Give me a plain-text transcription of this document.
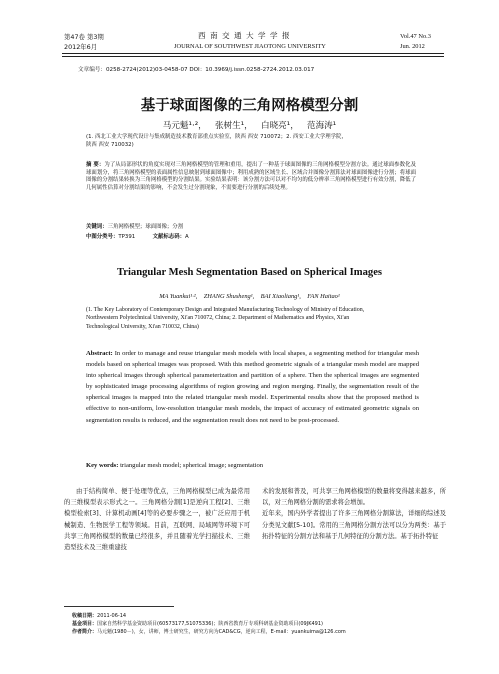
第47卷 第3期
2012年6月
西 南 交 通 大 学 学 报
JOURNAL OF SOUTHWEST JIAOTONG UNIVERSITY
Vol.47 No.3
Jun. 2012
文章编号：0258-2724(2012)03-0458-07 DOI：10.3969/j.issn.0258-2724.2012.03.017
基于球面图像的三角网格模型分割
马元魁¹·²，   张树生¹，   白晓亮¹，   范海涛¹
(1. 西北工业大学现代设计与集成制造技术教育部重点实验室，陕西 西安 710072；2. 西安工业大学理学院，
陕西 西安 710032)
摘 要：为了从局部形状的角度实现对三角网格模型的管理和重用，提出了一种基于球面图像的三角网格模型分割方法。通过球面参数化及球面划分，将三角网格模型的表面属性信息映射到球面图像中；利用成熟的区域生长、区域合并图像分割算法对球面图像进行分割；将球面图像的分割结果转换为三角网格模型的分割结果。实验结果表明：该分割方法可以对不均匀的低分辨率三角网格模型进行有效分割，降低了几何属性估算对分割结果的影响，不会发生过分割现象，不需要进行分割的后续处理。
关键词：三角网格模型；球面图像；分割
中图分类号：TP391	文献标志码：A
Triangular Mesh Segmentation Based on Spherical Images
MA Yuankui¹·²,    ZHANG Shusheng¹,    BAI Xiaoliang¹,    FAN Haitao¹
(1. The Key Laboratory of Contemporary Design and Integrated Manufacturing Technology of Ministry of Education,
Northwestern Polytechnical University, Xi'an 710072, China; 2. Department of Mathematics and Physics, Xi'an
Technological University, Xi'an 710032, China)
Abstract: In order to manage and reuse triangular mesh models with local shapes, a segmenting method for triangular mesh models based on spherical images was proposed. With this method geometric signals of a triangular mesh model are mapped into spherical images through spherical parameterization and partition of a sphere. Then the spherical images are segmented by sophisticated image processing algorithms of region growing and region merging. Finally, the segmentation result of the spherical images is mapped into the related triangular mesh model. Experimental results show that the proposed method is effective to non-uniform, low-resolution triangular mesh models, the impact of accuracy of estimated geometric signals on segmentation results is reduced, and the segmentation result does not need to be post-processed.
Key words: triangular mesh model; spherical image; segmentation
由于结构简单、便于处理等优点，三角网格模型已成为最常用的三维模型表示形式之一。三角网格分割[1]是逆向工程[2]、三维模型检索[3]、计算机动画[4]等的必要步骤之一，被广泛应用于机械制造、生物医学工程等领域。目前，互联网、局域网等环境下可共享三角网格模型的数量已经很多，并且随着光学扫描技术、三维造型技术及三维重建技
术的发展和普及，可共享三角网格模型的数量将变得越来越多，所以，对三角网格分割的需求将会增加。
近年来，国内外学者提出了许多三角网格分割算法，详细的综述及分类见文献[5-10]。常用的三角网格分割方法可以分为两类：基于拓扑特征的分割方法和基于几何特征的分割方法。基于拓扑特征
收稿日期：2011-06-14
基金项目：国家自然科学基金资助项目(60573177,51075336)；陕西省教育厅专项科研基金资助项目(09JK491)
作者简介：马元魁(1980－)，女，讲师，博士研究生，研究方向为CAD&CG，逆向工程，E-mail：yuankuima@126.com
